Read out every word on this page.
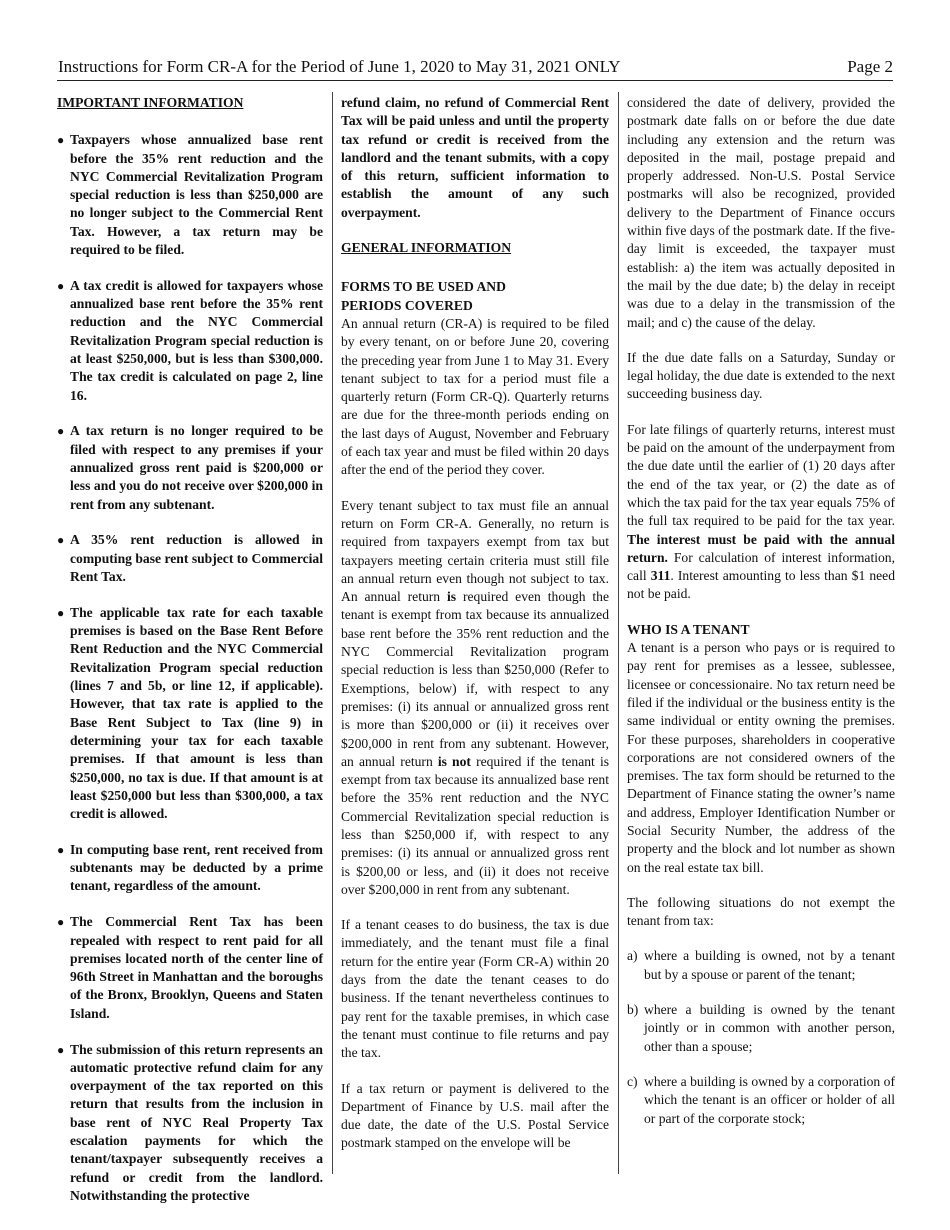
Instructions for Form CR-A for the Period of June 1, 2020 to May 31, 2021 ONLY	Page 2
IMPORTANT INFORMATION
● Taxpayers whose annualized base rent before the 35% rent reduction and the NYC Commercial Revitalization Program special reduction is less than $250,000 are no longer subject to the Commercial Rent Tax. However, a tax return may be required to be filed.
● A tax credit is allowed for taxpayers whose annualized base rent before the 35% rent reduction and the NYC Commercial Revitalization Program special reduction is at least $250,000, but is less than $300,000. The tax credit is calculated on page 2, line 16.
● A tax return is no longer required to be filed with respect to any premises if your annualized gross rent paid is $200,000 or less and you do not receive over $200,000 in rent from any subtenant.
● A 35% rent reduction is allowed in computing base rent subject to Commercial Rent Tax.
● The applicable tax rate for each taxable premises is based on the Base Rent Before Rent Reduction and the NYC Commercial Revitalization Program special reduction (lines 7 and 5b, or line 12, if applicable). However, that tax rate is applied to the Base Rent Subject to Tax (line 9) in determining your tax for each taxable premises. If that amount is less than $250,000, no tax is due. If that amount is at least $250,000 but less than $300,000, a tax credit is allowed.
● In computing base rent, rent received from subtenants may be deducted by a prime tenant, regardless of the amount.
● The Commercial Rent Tax has been repealed with respect to rent paid for all premises located north of the center line of 96th Street in Manhattan and the boroughs of the Bronx, Brooklyn, Queens and Staten Island.
● The submission of this return represents an automatic protective refund claim for any overpayment of the tax reported on this return that results from the inclusion in base rent of NYC Real Property Tax escalation payments for which the tenant/taxpayer subsequently receives a refund or credit from the landlord. Notwithstanding the protective

refund claim, no refund of Commercial Rent Tax will be paid unless and until the property tax refund or credit is received from the landlord and the tenant submits, with a copy of this return, sufficient information to establish the amount of any such overpayment.

GENERAL INFORMATION
FORMS TO BE USED AND
PERIODS COVERED

An annual return (CR-A) is required to be filed by every tenant, on or before June 20, covering the preceding year from June 1 to May 31. Every tenant subject to tax for a period must file a quarterly return (Form CR-Q). Quarterly returns are due for the three-month periods ending on the last days of August, November and February of each tax year and must be filed within 20 days after the end of the period they cover.

Every tenant subject to tax must file an annual return on Form CR-A. Generally, no return is required from taxpayers exempt from tax but taxpayers meeting certain criteria must still file an annual return even though not subject to tax. An annual return is required even though the tenant is exempt from tax because its annualized base rent before the 35% rent reduction and the NYC Commercial Revitalization program special reduction is less than $250,000 (Refer to Exemptions, below) if, with respect to any premises: (i) its annual or annualized gross rent is more than $200,000 or (ii) it receives over $200,000 in rent from any subtenant. However, an annual return is not required if the tenant is exempt from tax because its annualized base rent before the 35% rent reduction and the NYC Commercial Revitalization special reduction is less than $250,000 if, with respect to any premises: (i) its annual or annualized gross rent is $200,00 or less, and (ii) it does not receive over $200,000 in rent from any subtenant.

If a tenant ceases to do business, the tax is due immediately, and the tenant must file a final return for the entire year (Form CR-A) within 20 days from the date the tenant ceases to do business. If the tenant nevertheless continues to pay rent for the taxable premises, in which case the tenant must continue to file returns and pay the tax.

If a tax return or payment is delivered to the Department of Finance by U.S. mail after the due date, the date of the U.S. Postal Service postmark stamped on the envelope will be

considered the date of delivery, provided the postmark date falls on or before the due date including any extension and the return was deposited in the mail, postage prepaid and properly addressed. Non-U.S. Postal Service postmarks will also be recognized, provided delivery to the Department of Finance occurs within five days of the postmark date. If the five-day limit is exceeded, the taxpayer must establish: a) the item was actually deposited in the mail by the due date; b) the delay in receipt was due to a delay in the transmission of the mail; and c) the cause of the delay.

If the due date falls on a Saturday, Sunday or legal holiday, the due date is extended to the next succeeding business day.

For late filings of quarterly returns, interest must be paid on the amount of the underpayment from the due date until the earlier of (1) 20 days after the end of the tax year, or (2) the date as of which the tax paid for the tax year equals 75% of the full tax required to be paid for the tax year. The interest must be paid with the annual return. For calculation of interest information, call 311. Interest amounting to less than $1 need not be paid.

WHO IS A TENANT

A tenant is a person who pays or is required to pay rent for premises as a lessee, sublessee, licensee or concessionaire. No tax return need be filed if the individual or the business entity is the same individual or entity owning the premises. For these purposes, shareholders in cooperative corporations are not considered owners of the premises. The tax form should be returned to the Department of Finance stating the owner’s name and address, Employer Identification Number or Social Security Number, the address of the property and the block and lot number as shown on the real estate tax bill.

The following situations do not exempt the tenant from tax:

a) where a building is owned, not by a tenant but by a spouse or parent of the tenant;
b) where a building is owned by the tenant jointly or in common with another person, other than a spouse;
c) where a building is owned by a corporation of which the tenant is an officer or holder of all or part of the corporate stock;
